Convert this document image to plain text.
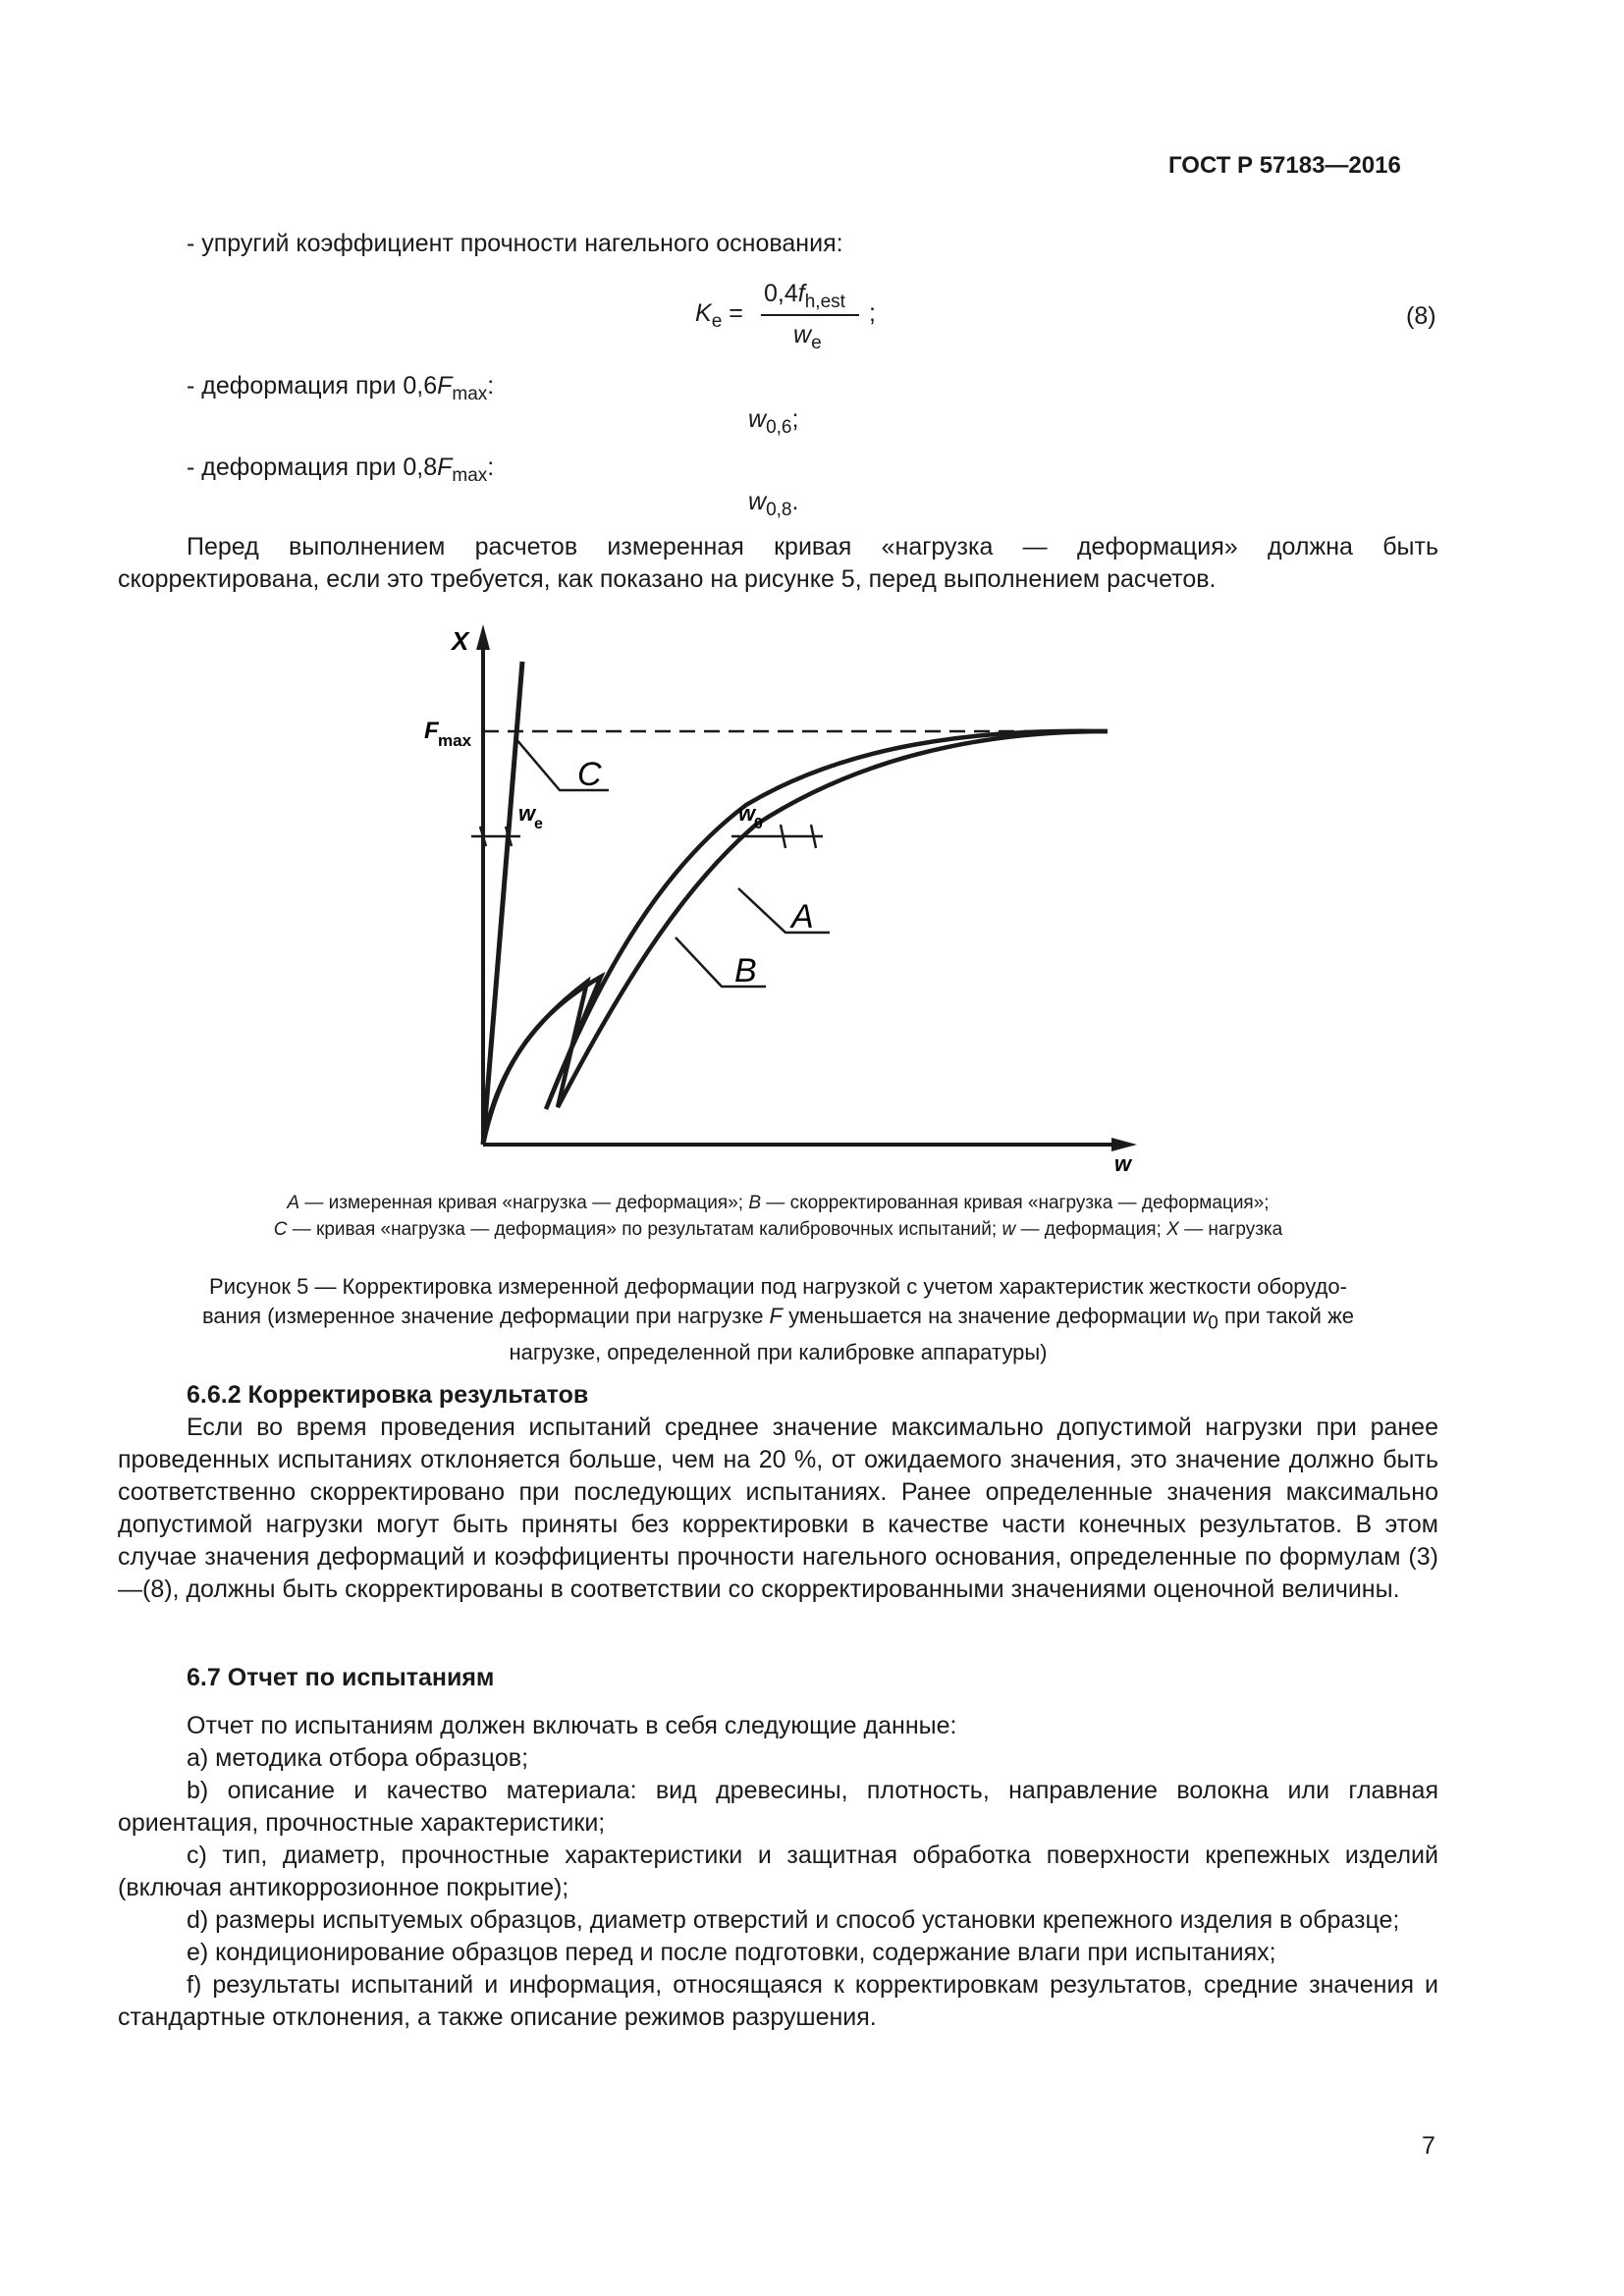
ГОСТ Р 57183—2016
- упругий коэффициент прочности нагельного основания:
$K_e$ =
$0,4f_{h,est}$
$w_e$
;	(8)
- деформация при $0,6F_{max}$:
$w_{0,6}$;
- деформация при $0,8F_{max}$:
$w_{0,8}$.
Перед выполнением расчетов измеренная кривая «нагрузка — деформация» должна быть скорректирована, если это требуется, как показано на рисунке 5, перед выполнением расчетов.
X
w
F max
C
A
B
w
e	w
0
A — измеренная кривая «нагрузка — деформация»; B — скорректированная кривая «нагрузка — деформация»;
C — кривая «нагрузка — деформация» по результатам калибровочных испытаний; w — деформация; X — нагрузка
Рисунок 5 — Корректировка измеренной деформации под нагрузкой с учетом характеристик жесткости оборудо-
вания (измеренное значение деформации при нагрузке F уменьшается на значение деформации $w_0$ при такой же
нагрузке, определенной при калибровке аппаратуры)
6.6.2 Корректировка результатов
Если во время проведения испытаний среднее значение максимально допустимой нагрузки при ранее проведенных испытаниях отклоняется больше, чем на 20 %, от ожидаемого значения, это значение должно быть соответственно скорректировано при последующих испытаниях. Ранее определенные значения максимально допустимой нагрузки могут быть приняты без корректировки в качестве части конечных результатов. В этом случае значения деформаций и коэффициенты прочности нагельного основания, определенные по формулам (3)—(8), должны быть скорректированы в соответствии со скорректированными значениями оценочной величины.
6.7 Отчет по испытаниям
Отчет по испытаниям должен включать в себя следующие данные:
a) методика отбора образцов;
b) описание и качество материала: вид древесины, плотность, направление волокна или главная ориентация, прочностные характеристики;
c) тип, диаметр, прочностные характеристики и защитная обработка поверхности крепежных изделий (включая антикоррозионное покрытие);
d) размеры испытуемых образцов, диаметр отверстий и способ установки крепежного изделия в образце;
e) кондиционирование образцов перед и после подготовки, содержание влаги при испытаниях;
f) результаты испытаний и информация, относящаяся к корректировкам результатов, средние значения и стандартные отклонения, а также описание режимов разрушения.
7
